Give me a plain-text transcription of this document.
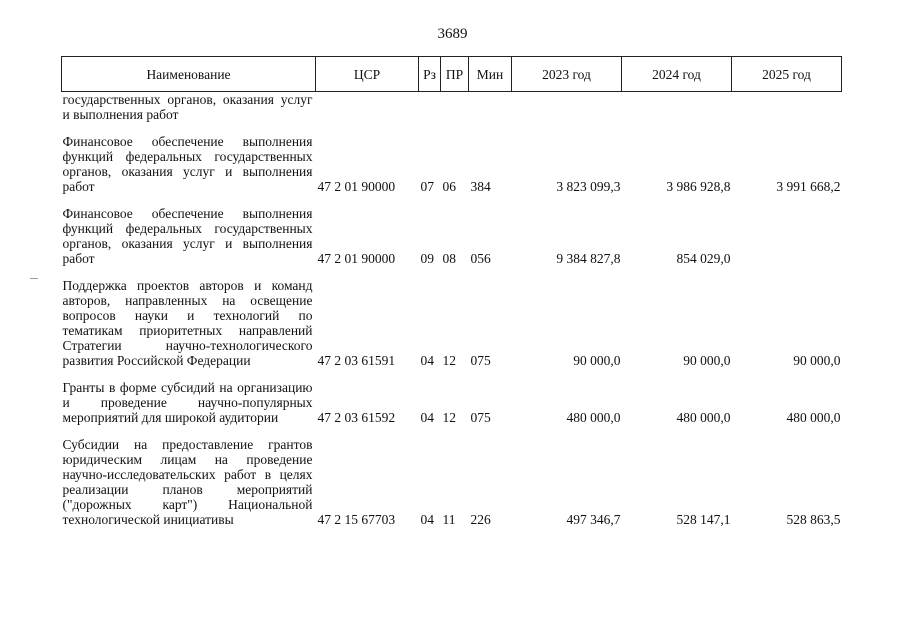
3689
Наименование	ЦСР	Рз	ПР	Мин	2023 год	2024 год	2025 год
государственных органов, оказания услуг и выполнения работ							

Финансовое обеспечение выполнения функций федеральных государственных органов, оказания услуг и выполнения работ	47 2 01 90000	07	06	384	3 823 099,3	3 986 928,8	3 991 668,2

Финансовое обеспечение выполнения функций федеральных государственных органов, оказания услуг и выполнения работ	47 2 01 90000	09	08	056	9 384 827,8	854 029,0	

Поддержка проектов авторов и команд авторов, направленных на освещение вопросов науки и технологий по тематикам приоритетных направлений Стратегии научно-технологического развития Российской Федерации	47 2 03 61591	04	12	075	90 000,0	90 000,0	90 000,0

Гранты в форме субсидий на организацию и проведение научно-популярных мероприятий для широкой аудитории	47 2 03 61592	04	12	075	480 000,0	480 000,0	480 000,0

Субсидии на предоставление грантов юридическим лицам на проведение научно-исследовательских работ в целях реализации планов мероприятий ("дорожных карт") Национальной технологической инициативы	47 2 15 67703	04	11	226	497 346,7	528 147,1	528 863,5
